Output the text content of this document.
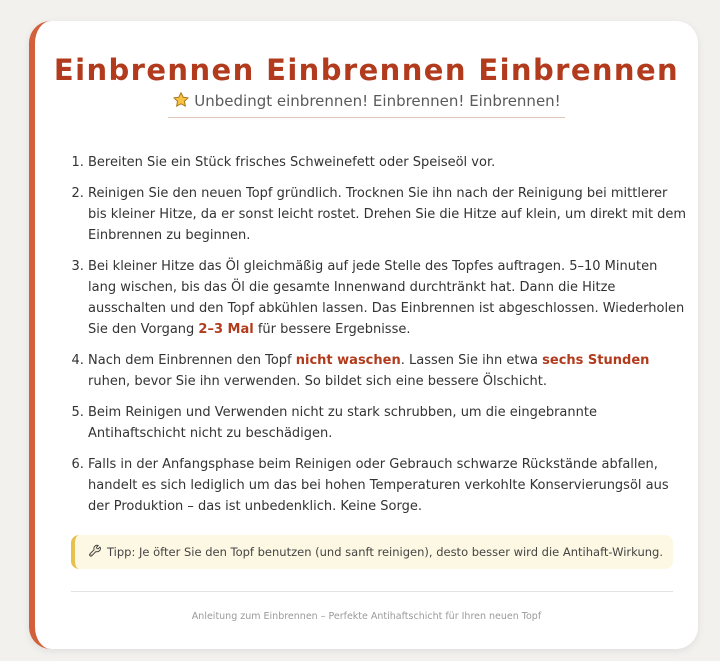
Einbrennen Einbrennen Einbrennen
Unbedingt einbrennen! Einbrennen! Einbrennen!
1. Bereiten Sie ein Stück frisches Schweinefett oder Speiseöl vor.
2. Reinigen Sie den neuen Topf gründlich. Trocknen Sie ihn nach der Reinigung bei mittlerer bis kleiner Hitze, da er sonst leicht rostet. Drehen Sie die Hitze auf klein, um direkt mit dem Einbrennen zu beginnen.
3. Bei kleiner Hitze das Öl gleichmäßig auf jede Stelle des Topfes auftragen. 5–10 Minuten lang wischen, bis das Öl die gesamte Innenwand durchtränkt hat. Dann die Hitze ausschalten und den Topf abkühlen lassen. Das Einbrennen ist abgeschlossen. Wiederholen Sie den Vorgang 2–3 Mal für bessere Ergebnisse.
4. Nach dem Einbrennen den Topf nicht waschen. Lassen Sie ihn etwa sechs Stunden ruhen, bevor Sie ihn verwenden. So bildet sich eine bessere Ölschicht.
5. Beim Reinigen und Verwenden nicht zu stark schrubben, um die eingebrannte Antihaftschicht nicht zu beschädigen.
6. Falls in der Anfangsphase beim Reinigen oder Gebrauch schwarze Rückstände abfallen, handelt es sich lediglich um das bei hohen Temperaturen verkohlte Konservierungsöl aus der Produktion – das ist unbedenklich. Keine Sorge.
Tipp: Je öfter Sie den Topf benutzen (und sanft reinigen), desto besser wird die Antihaft-Wirkung.
Anleitung zum Einbrennen – Perfekte Antihaftschicht für Ihren neuen Topf
